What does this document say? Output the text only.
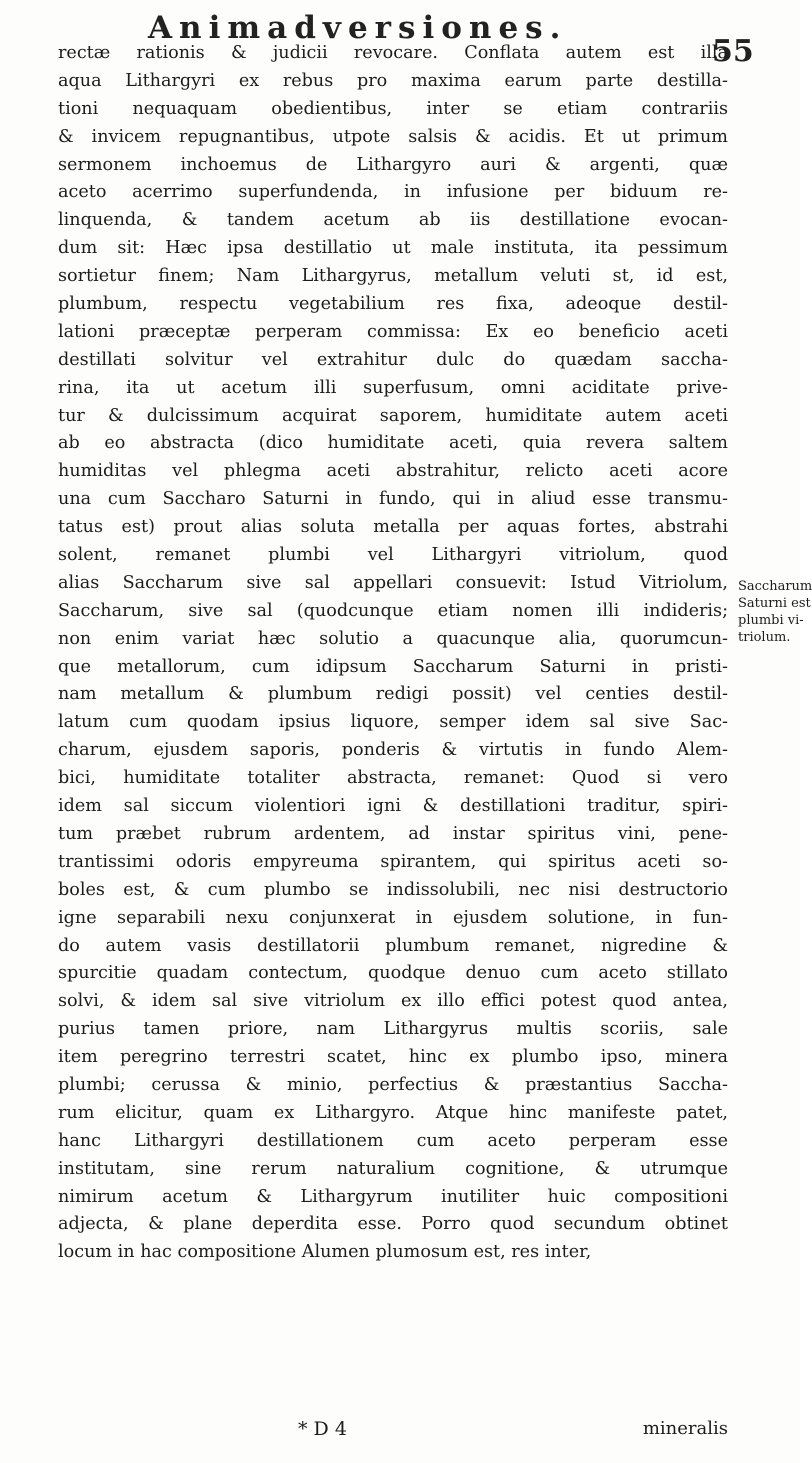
Animadversiones.
55
rectæ rationis & judicii revocare. Conflata autem est illa
aqua Lithargyri ex rebus pro maxima earum parte destilla-
tioni nequaquam obedientibus, inter se etiam contrariis
& invicem repugnantibus, utpote salsis & acidis. Et ut primum
sermonem inchoemus de Lithargyro auri & argenti, quæ
aceto acerrimo superfundenda, in infusione per biduum re-
linquenda, & tandem acetum ab iis destillatione evocan-
dum sit: Hæc ipsa destillatio ut male instituta, ita pessimum
sortietur finem; Nam Lithargyrus, metallum veluti st, id est,
plumbum, respectu vegetabilium res fixa, adeoque destil-
lationi præceptæ perperam commissa: Ex eo beneficio aceti
destillati solvitur vel extrahitur dulc do quædam saccha-
rina, ita ut acetum illi superfusum, omni aciditate prive-
tur & dulcissimum acquirat saporem, humiditate autem aceti
ab eo abstracta (dico humiditate aceti, quia revera saltem
humiditas vel phlegma aceti abstrahitur, relicto aceti acore
una cum Saccharo Saturni in fundo, qui in aliud esse transmu-
tatus est) prout alias soluta metalla per aquas fortes, abstrahi
solent, remanet plumbi vel Lithargyri vitriolum, quod
alias Saccharum sive sal appellari consuevit: Istud Vitriolum,
Saccharum, sive sal (quodcunque etiam nomen illi indideris;
non enim variat hæc solutio a quacunque alia, quorumcun-
que metallorum, cum idipsum Saccharum Saturni in pristi-
nam metallum & plumbum redigi possit) vel centies destil-
latum cum quodam ipsius liquore, semper idem sal sive Sac-
charum, ejusdem saporis, ponderis & virtutis in fundo Alem-
bici, humiditate totaliter abstracta, remanet: Quod si vero
idem sal siccum violentiori igni & destillationi traditur, spiri-
tum præbet rubrum ardentem, ad instar spiritus vini, pene-
trantissimi odoris empyreuma spirantem, qui spiritus aceti so-
boles est, & cum plumbo se indissolubili, nec nisi destructorio
igne separabili nexu conjunxerat in ejusdem solutione, in fun-
do autem vasis destillatorii plumbum remanet, nigredine &
spurcitie quadam contectum, quodque denuo cum aceto stillato
solvi, & idem sal sive vitriolum ex illo effici potest quod antea,
purius tamen priore, nam Lithargyrus multis scoriis, sale
item peregrino terrestri scatet, hinc ex plumbo ipso, minera
plumbi; cerussa & minio, perfectius & præstantius Saccha-
rum elicitur, quam ex Lithargyro. Atque hinc manifeste patet,
hanc Lithargyri destillationem cum aceto perperam esse
institutam, sine rerum naturalium cognitione, & utrumque
nimirum acetum & Lithargyrum inutiliter huic compositioni
adjecta, & plane deperdita esse. Porro quod secundum obtinet
locum in hac compositione Alumen plumosum est, res inter,
Saccharum
Saturni est
plumbi vi-
triolum.
* D 4	mineralis
